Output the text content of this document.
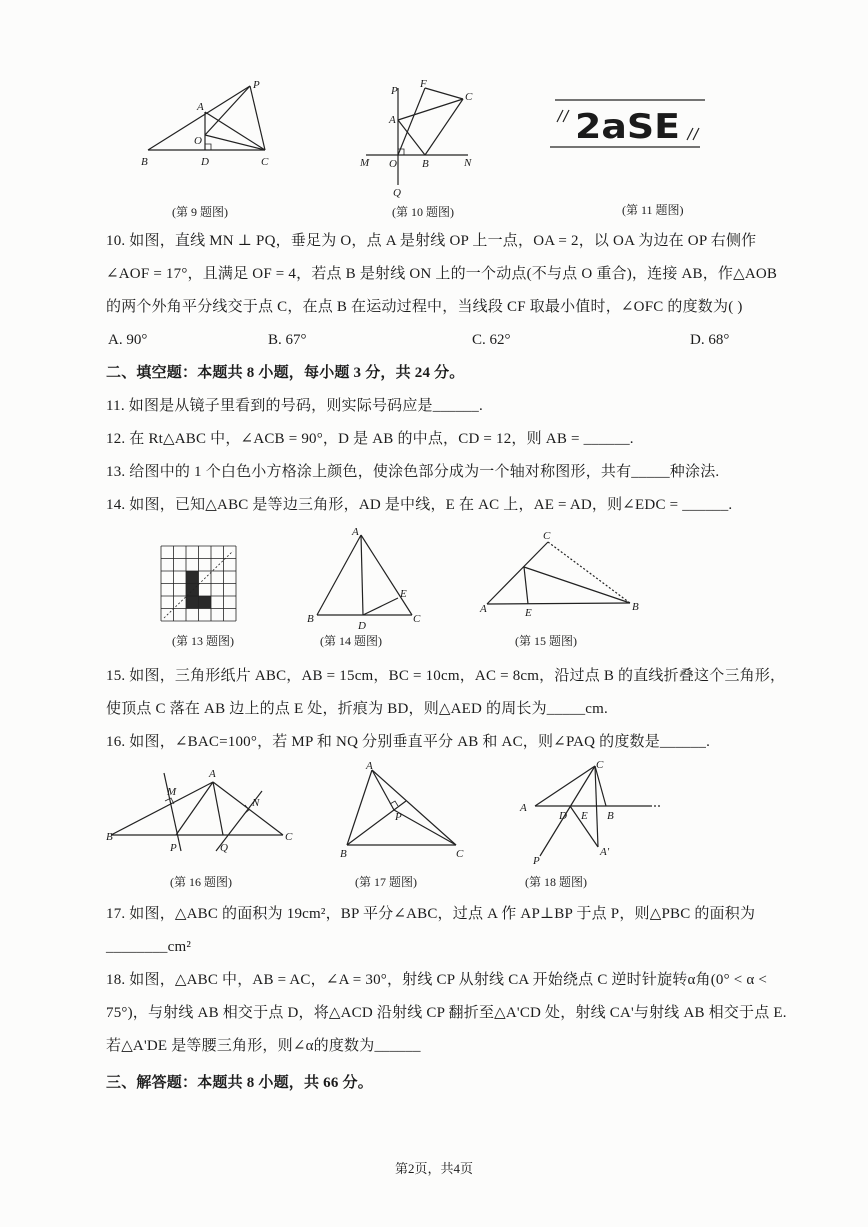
P
A
O
B	D	C
(第 9 题图)
P
F
C
A
M O B	N
Q
(第 10 题图)
2aSE
(第 11 题图)

10. 如图，直线 MN ⊥ PQ，垂足为 O，点 A 是射线 OP 上一点，OA = 2，以 OA 为边在 OP 右侧作∠AOF = 17°，且满足 OF = 4，若点 B 是射线 ON 上的一个动点(不与点 O 重合)，连接 AB，作△AOB 的两个外角平分线交于点 C，在点 B 在运动过程中，当线段 CF 取最小值时，∠OFC 的度数为( )

A. 90°	B. 67°	C. 62°	D. 68°

二、填空题：本题共 8 小题，每小题 3 分，共 24 分。

11. 如图是从镜子里看到的号码，则实际号码应是______.

12. 在 Rt△ABC 中，∠ACB = 90°，D 是 AB 的中点，CD = 12，则 AB = ______.

13. 给图中的 1 个白色小方格涂上颜色，使涂色部分成为一个轴对称图形，共有_____种涂法.

14. 如图，已知△ABC 是等边三角形，AD 是中线，E 在 AC 上，AE = AD，则∠EDC = ______.

(第 13 题图)
A
B
D
C
E
(第 14 题图)
C
A	E	B
(第 15 题图)

15. 如图，三角形纸片 ABC，AB = 15cm，BC = 10cm，AC = 8cm，沿过点 B 的直线折叠这个三角形，使顶点 C 落在 AB 边上的点 E 处，折痕为 BD，则△AED 的周长为_____cm.

16. 如图，∠BAC=100°，若 MP 和 NQ 分别垂直平分 AB 和 AC，则∠PAQ 的度数是______.

A
M
N
B
P	Q
C
(第 16 题图)
A
P
B	C
(第 17 题图)
C
A
D E B
P
A'
(第 18 题图)

17. 如图，△ABC 的面积为 19cm²，BP 平分∠ABC，过点 A 作 AP⊥BP 于点 P，则△PBC 的面积为________cm²

18. 如图，△ABC 中，AB = AC，∠A = 30°，射线 CP 从射线 CA 开始绕点 C 逆时针旋转α角(0° < α < 75°)，与射线 AB 相交于点 D，将△ACD 沿射线 CP 翻折至△A'CD 处，射线 CA'与射线 AB 相交于点 E.若△A'DE 是等腰三角形，则∠α的度数为______

三、解答题：本题共 8 小题，共 66 分。

第2页，共4页
